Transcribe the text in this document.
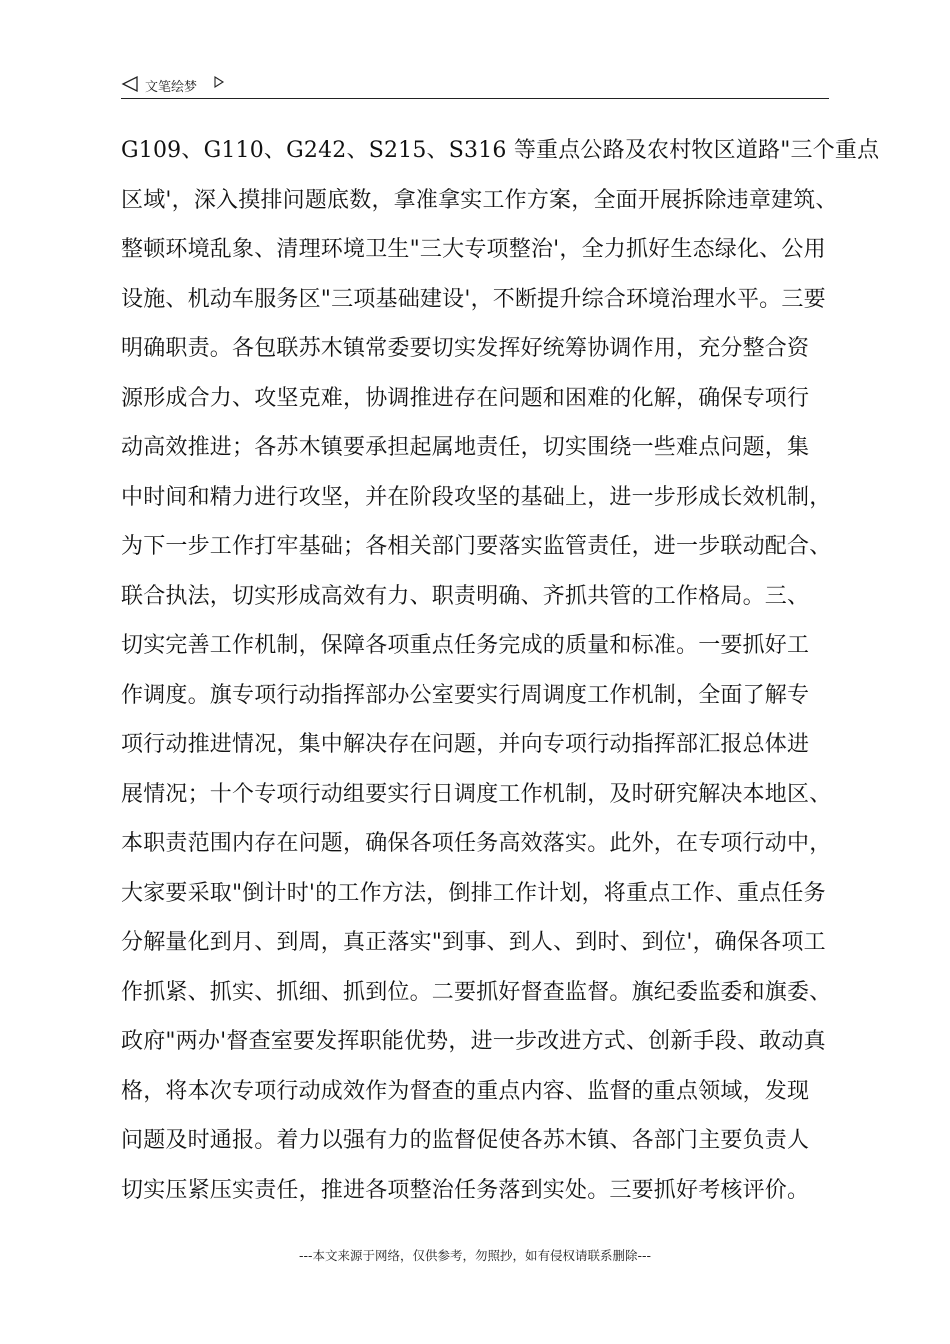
文笔绘梦
G109、G110、G242、S215、S316 等重点公路及农村牧区道路"三个重点
区域'，深入摸排问题底数，拿准拿实工作方案，全面开展拆除违章建筑、
整顿环境乱象、清理环境卫生"三大专项整治'，全力抓好生态绿化、公用
设施、机动车服务区"三项基础建设'，不断提升综合环境治理水平。三要
明确职责。各包联苏木镇常委要切实发挥好统筹协调作用，充分整合资
源形成合力、攻坚克难，协调推进存在问题和困难的化解，确保专项行
动高效推进；各苏木镇要承担起属地责任，切实围绕一些难点问题，集
中时间和精力进行攻坚，并在阶段攻坚的基础上，进一步形成长效机制，
为下一步工作打牢基础；各相关部门要落实监管责任，进一步联动配合、
联合执法，切实形成高效有力、职责明确、齐抓共管的工作格局。三、
切实完善工作机制，保障各项重点任务完成的质量和标准。一要抓好工
作调度。旗专项行动指挥部办公室要实行周调度工作机制，全面了解专
项行动推进情况，集中解决存在问题，并向专项行动指挥部汇报总体进
展情况；十个专项行动组要实行日调度工作机制，及时研究解决本地区、
本职责范围内存在问题，确保各项任务高效落实。此外，在专项行动中，
大家要采取"倒计时'的工作方法，倒排工作计划，将重点工作、重点任务
分解量化到月、到周，真正落实"到事、到人、到时、到位'，确保各项工
作抓紧、抓实、抓细、抓到位。二要抓好督查监督。旗纪委监委和旗委、
政府"两办'督查室要发挥职能优势，进一步改进方式、创新手段、敢动真
格，将本次专项行动成效作为督查的重点内容、监督的重点领域，发现
问题及时通报。着力以强有力的监督促使各苏木镇、各部门主要负责人
切实压紧压实责任，推进各项整治任务落到实处。三要抓好考核评价。
---本文来源于网络，仅供参考，勿照抄，如有侵权请联系删除---
